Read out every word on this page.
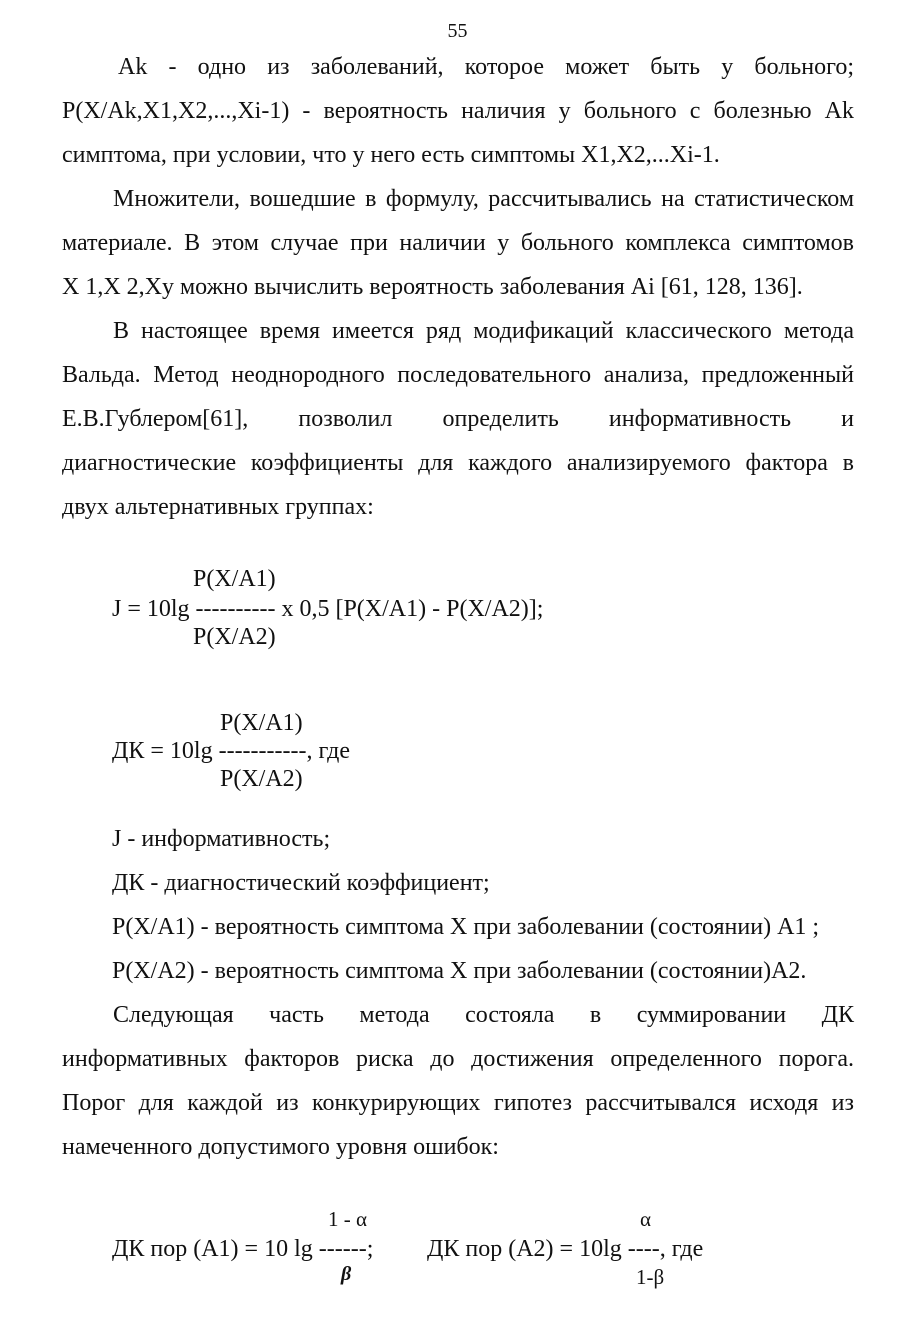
55
Ak - одно из заболеваний, которое может быть у больного;
P(X/Ak,X1,X2,...,Xi-1) - вероятность наличия у больного с болезнью Ak
симптома, при условии, что у него есть симптомы X1,X2,...Xi-1.
Множители, вошедшие в формулу, рассчитывались на статистическом
материале. В этом случае при наличии у больного комплекса симптомов
X 1,X 2,Xy можно вычислить вероятность заболевания Ai [61, 128, 136].
В настоящее время имеется ряд модификаций классического метода
Вальда. Метод неоднородного последовательного анализа, предложенный
Е.В.Гублером[61], позволил определить информативность и
диагностические коэффициенты для каждого анализируемого фактора в
двух альтернативных группах:
P(X/A1)
J = 10lg ---------- x 0,5 [P(X/A1) - P(X/A2)];
P(X/A2)
P(X/A1)
ДК = 10lg -----------, где
P(X/A2)
J - информативность;
ДК - диагностический коэффициент;
P(X/A1) - вероятность симптома X при заболевании (состоянии) A1 ;
P(X/A2) - вероятность симптома X при заболевании (состоянии)A2.
Следующая часть метода состояла в суммировании ДК
информативных факторов риска до достижения определенного порога.
Порог для каждой из конкурирующих гипотез рассчитывался исходя из
намеченного допустимого уровня ошибок:
1 - α
ДК пор (A1) = 10 lg ------;
β
α
ДК пор (A2) = 10lg ----, где
1-β
